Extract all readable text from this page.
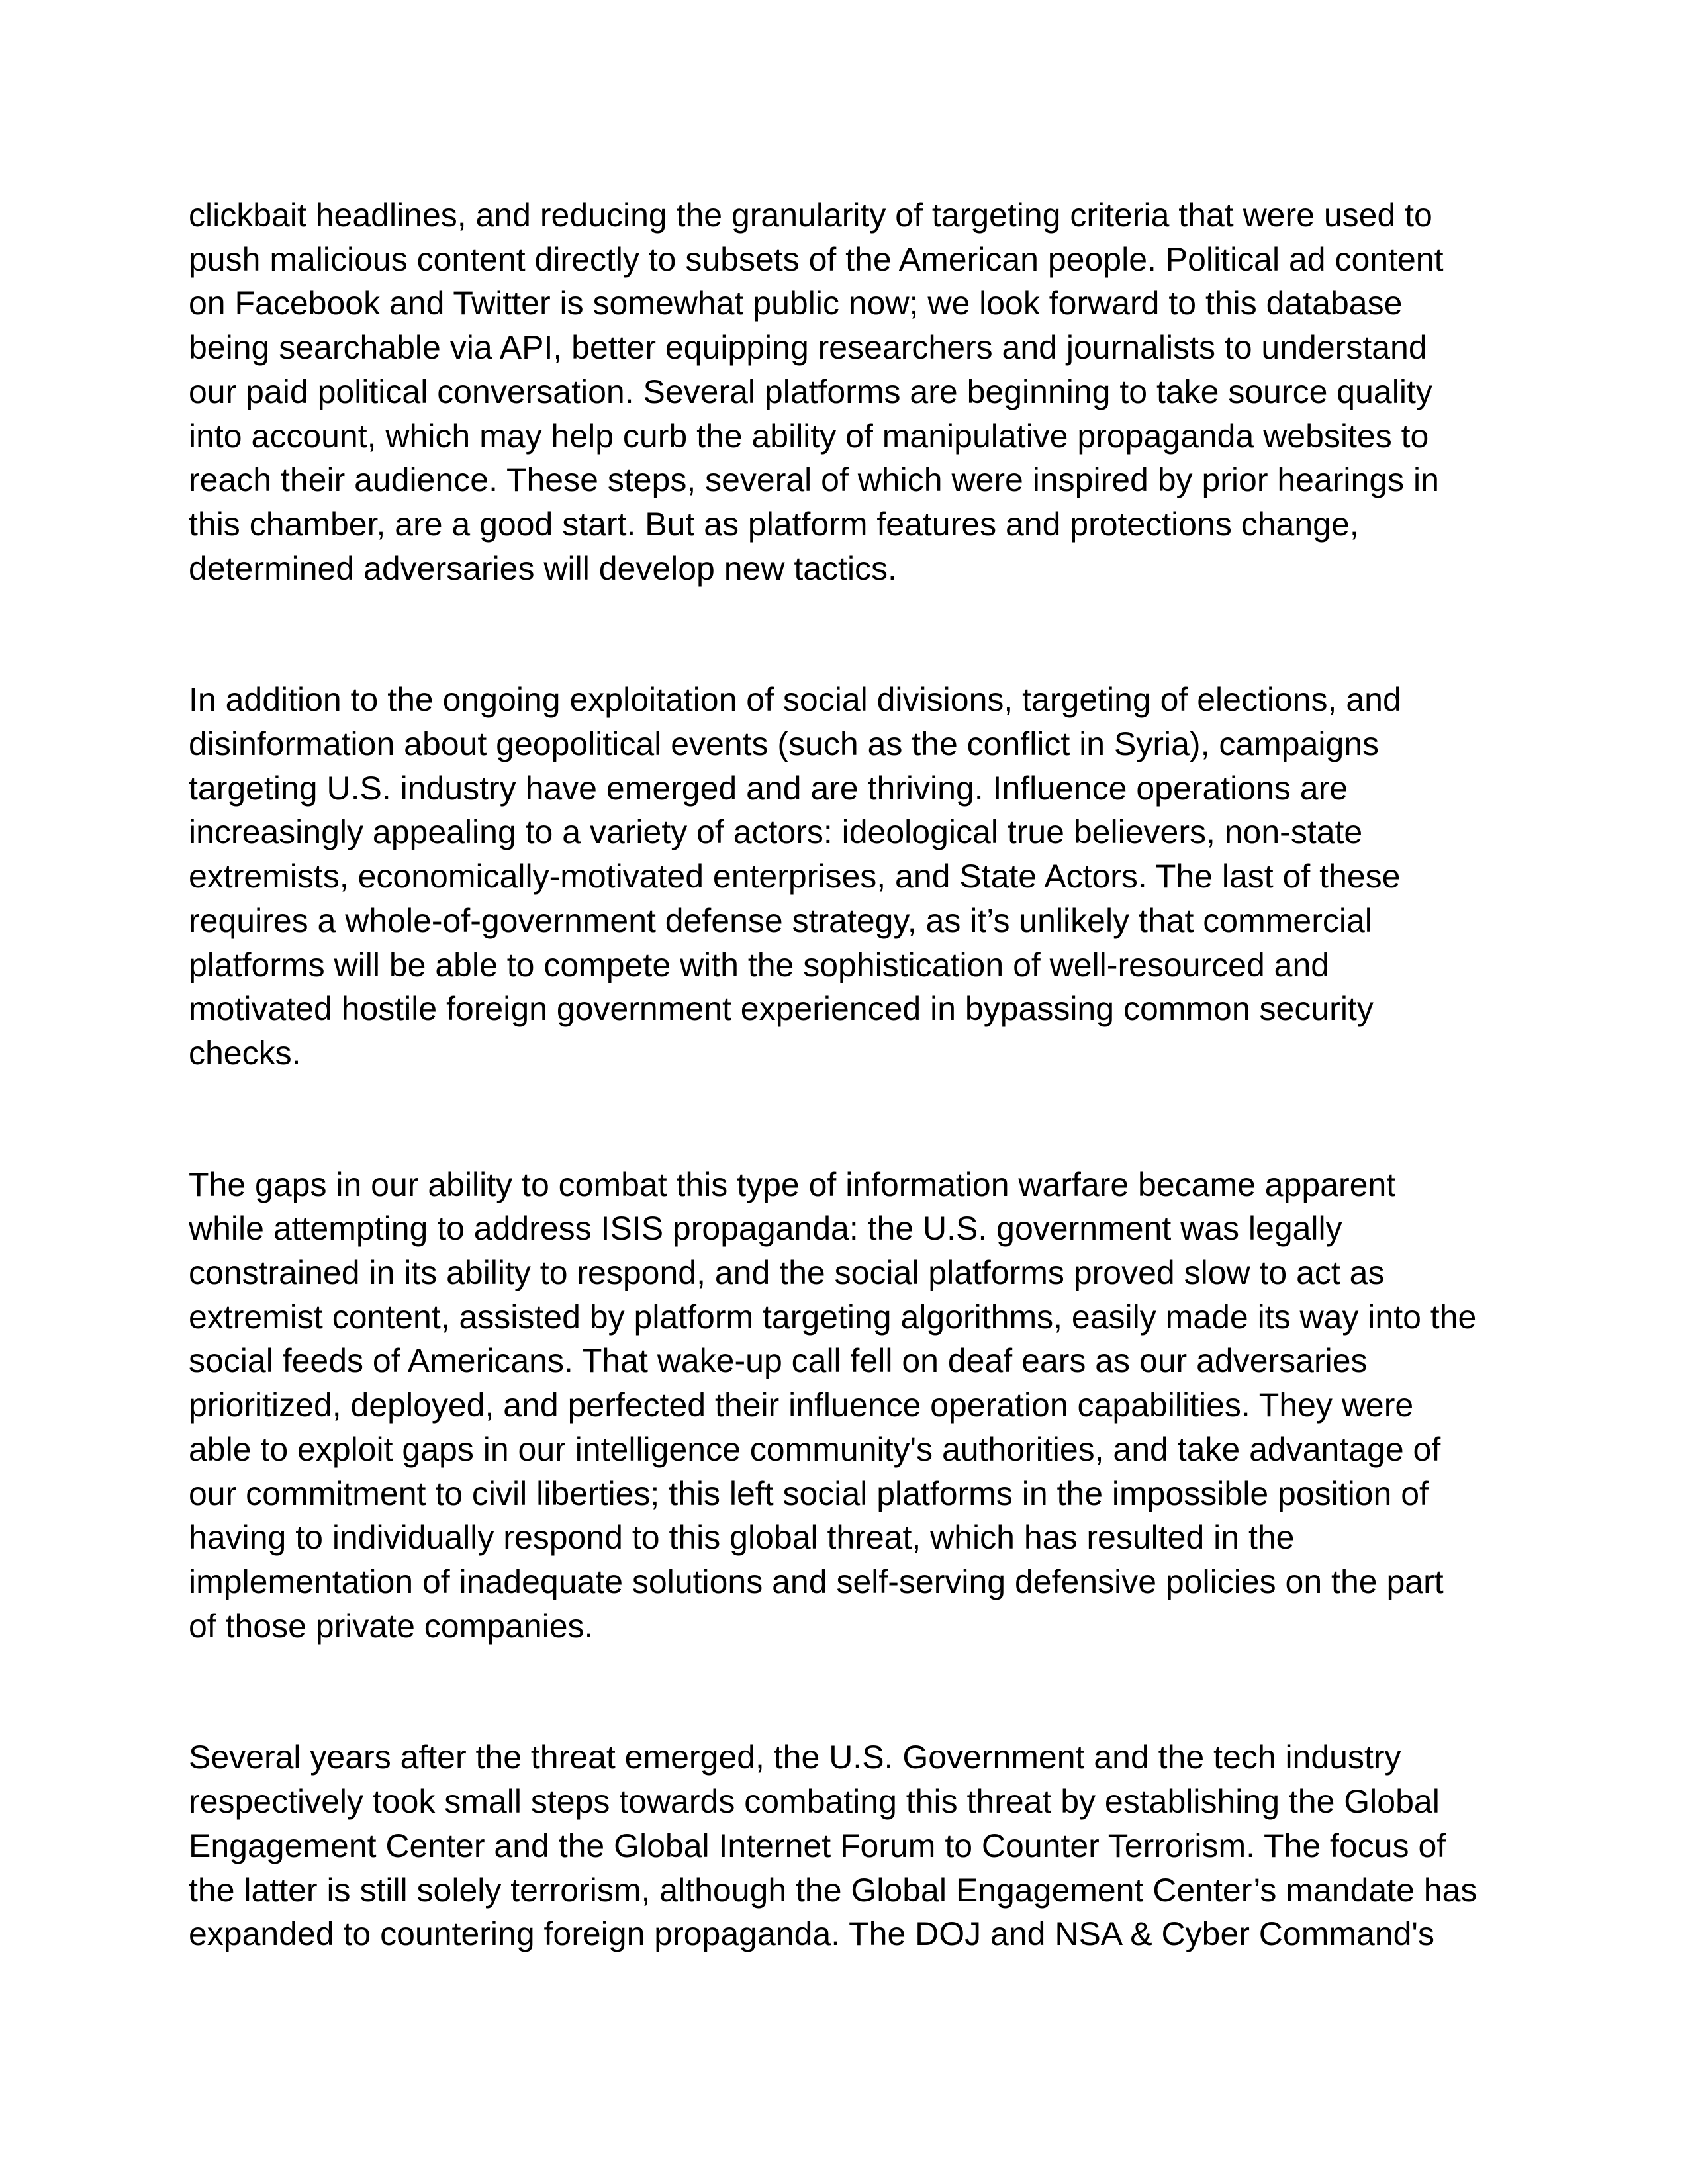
clickbait headlines, and reducing the granularity of targeting criteria that were used to
push malicious content directly to subsets of the American people. Political ad content
on Facebook and Twitter is somewhat public now; we look forward to this database
being searchable via API, better equipping researchers and journalists to understand
our paid political conversation. Several platforms are beginning to take source quality
into account, which may help curb the ability of manipulative propaganda websites to
reach their audience. These steps, several of which were inspired by prior hearings in
this chamber, are a good start. But as platform features and protections change,
determined adversaries will develop new tactics.

In addition to the ongoing exploitation of social divisions, targeting of elections, and
disinformation about geopolitical events (such as the conflict in Syria), campaigns
targeting U.S. industry have emerged and are thriving. Influence operations are
increasingly appealing to a variety of actors: ideological true believers, non-state
extremists, economically-motivated enterprises, and State Actors. The last of these
requires a whole-of-government defense strategy, as it’s unlikely that commercial
platforms will be able to compete with the sophistication of well-resourced and
motivated hostile foreign government experienced in bypassing common security
checks.

The gaps in our ability to combat this type of information warfare became apparent
while attempting to address ISIS propaganda: the U.S. government was legally
constrained in its ability to respond, and the social platforms proved slow to act as
extremist content, assisted by platform targeting algorithms, easily made its way into the
social feeds of Americans. That wake-up call fell on deaf ears as our adversaries
prioritized, deployed, and perfected their influence operation capabilities. They were
able to exploit gaps in our intelligence community's authorities, and take advantage of
our commitment to civil liberties; this left social platforms in the impossible position of
having to individually respond to this global threat, which has resulted in the
implementation of inadequate solutions and self-serving defensive policies on the part
of those private companies.

Several years after the threat emerged, the U.S. Government and the tech industry
respectively took small steps towards combating this threat by establishing the Global
Engagement Center and the Global Internet Forum to Counter Terrorism. The focus of
the latter is still solely terrorism, although the Global Engagement Center’s mandate has
expanded to countering foreign propaganda. The DOJ and NSA & Cyber Command's
